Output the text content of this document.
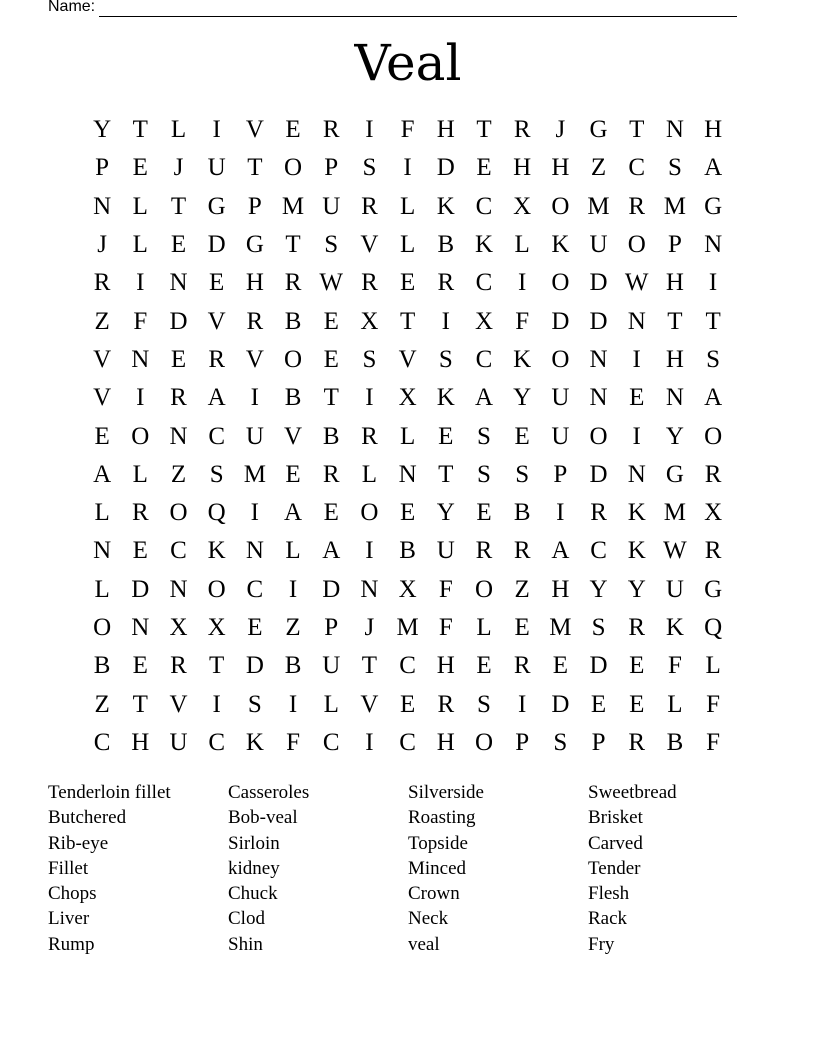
Name:
Veal
Y T L	I	V E R	I	F H T R J G T N H
P E	J U T O P S	I	D E H H Z C S A
N L T G P M U R L K C X O M R M G
J	L E D G T S V L B K L K U O P N
R	I	N E H R W R E R C	I	O D W H I
Z F D V R B E X T	I	X F D D N T T
V N E R V O E S V S C K O N I	H S
V I	R A I	B T	I	X K A Y U N E N A
E O N C U V B R L E S E U O I	Y O
A L Z S M E R L N T S S P D N G R
L R O Q I	A E O E Y E B	I	R K M X
N E C K N L A I	B U R R A C K W R
L D N O C	I	D N X F O Z H Y Y U G
O N X X E Z P	J M F L E M S R K Q
B E R T D B U T C H E R E D E F L
Z T V I	S	I	L V E R S	I	D E E L F
C H U C K F C	I	C H O P S P R B F
Tenderloin fillet	Casseroles	Silverside	Sweetbread
Butchered	Bob-veal	Roasting	Brisket
Rib-eye	Sirloin	Topside	Carved
Fillet	kidney	Minced	Tender
Chops	Chuck	Crown	Flesh
Liver	Clod	Neck	Rack
Rump	Shin	veal	Fry
